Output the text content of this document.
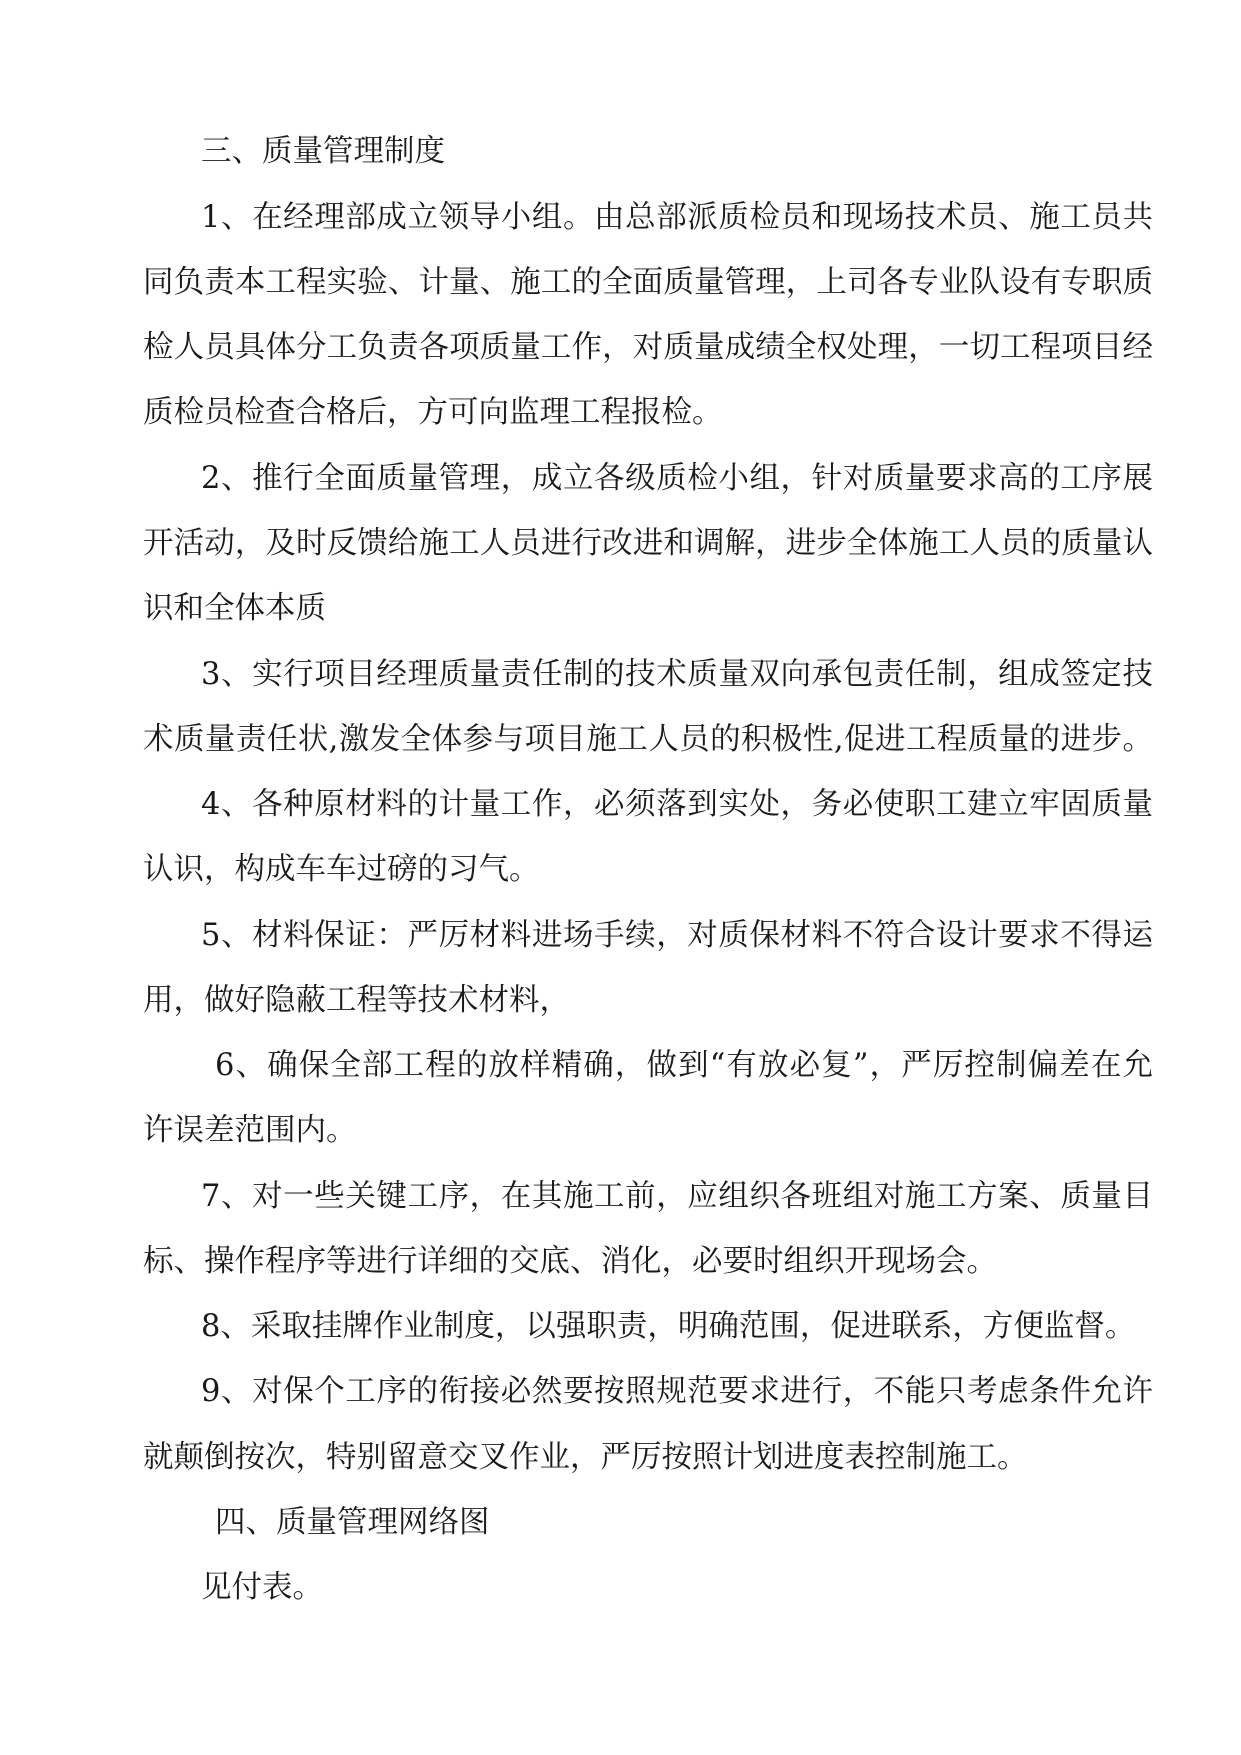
三、质量管理制度
1、在经理部成立领导小组。由总部派质检员和现场技术员、施工员共
同负责本工程实验、计量、施工的全面质量管理，上司各专业队设有专职质
检人员具体分工负责各项质量工作，对质量成绩全权处理，一切工程项目经
质检员检查合格后，方可向监理工程报检。
2、推行全面质量管理，成立各级质检小组，针对质量要求高的工序展
开活动，及时反馈给施工人员进行改进和调解，进步全体施工人员的质量认
识和全体本质
3、实行项目经理质量责任制的技术质量双向承包责任制，组成签定技
术质量责任状,激发全体参与项目施工人员的积极性,促进工程质量的进步。
4、各种原材料的计量工作，必须落到实处，务必使职工建立牢固质量
认识，构成车车过磅的习气。
5、材料保证：严厉材料进场手续，对质保材料不符合设计要求不得运
用，做好隐蔽工程等技术材料，
6、确保全部工程的放样精确，做到“有放必复”，严厉控制偏差在允
许误差范围内。
7、对一些关键工序，在其施工前，应组织各班组对施工方案、质量目
标、操作程序等进行详细的交底、消化，必要时组织开现场会。
8、采取挂牌作业制度，以强职责，明确范围，促进联系，方便监督。
9、对保个工序的衔接必然要按照规范要求进行，不能只考虑条件允许
就颠倒按次，特别留意交叉作业，严厉按照计划进度表控制施工。
四、质量管理网络图
见付表。
